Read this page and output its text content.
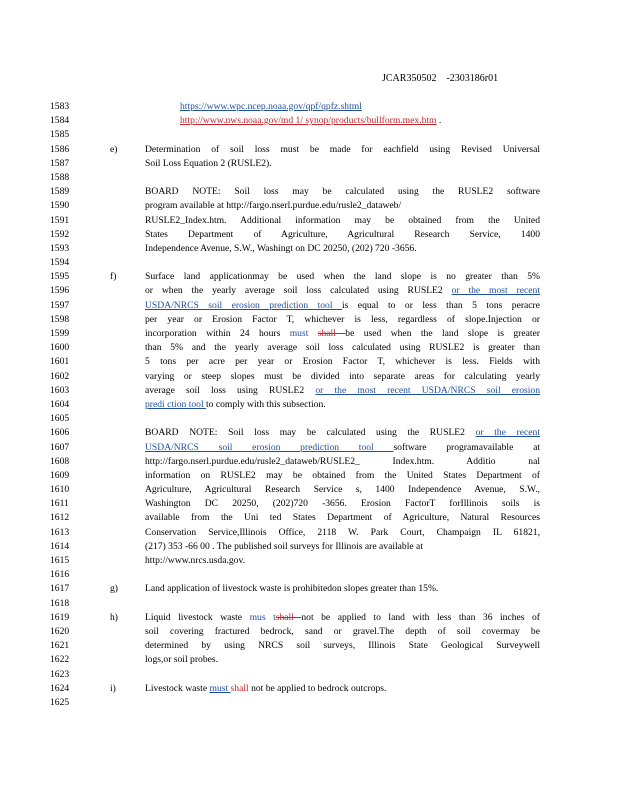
JCAR350502 -2303186r01
1583	https://www.wpc.ncep.noaa.gov/qpf/qpfz.shtml
1584	http://www.nws.noaa.gov/md 1/ synop/products/bullform.mex.htm .
1585
1586	e)	Determination of soil loss must be made for eachfield using Revised Universal
1587	Soil Loss Equation 2 (RUSLE2).
1588
1589	BOARD NOTE: Soil loss may be calculated using the RUSLE2 software
1590	program available at http://fargo.nserl.purdue.edu/rusle2_dataweb/
1591	RUSLE2_Index.htm. Additional information may be obtained from the United
1592	States Department of Agriculture, Agricultural Research Service, 1400
1593	Independence Avenue, S.W., Washingt on DC 20250, (202) 720 -3656.
1594
1595	f)	Surface land applicationmay be used when the land slope is no greater than 5%
1596	or when the yearly average soil loss calculated using RUSLE2 or the most recent
1597	USDA/NRCS soil erosion prediction tool is equal to or less than 5 tons peracre
1598	per year or Erosion Factor T, whichever is less, regardless of slope.Injection or
1599	incorporation within 24 hours must shall be used when the land slope is greater
1600	than 5% and the yearly average soil loss calculated using RUSLE2 is greater than
1601	5 tons per acre per year or Erosion Factor T, whichever is less. Fields with
1602	varying or steep slopes must be divided into separate areas for calculating yearly
1603	average soil loss using RUSLE2 or the most recent USDA/NRCS soil erosion
1604	predi ction tool to comply with this subsection.
1605
1606	BOARD NOTE: Soil loss may be calculated using the RUSLE2 or the recent
1607	USDA/NRCS soil erosion prediction tool software programavailable at
1608	http://fargo.nserl.purdue.edu/rusle2_dataweb/RUSLE2_ Index.htm. Additio nal
1609	information on RUSLE2 may be obtained from the United States Department of
1610	Agriculture, Agricultural Research Service s, 1400 Independence Avenue, S.W.,
1611	Washington DC 20250, (202)720 -3656. Erosion FactorT forIllinois soils is
1612	available from the Uni ted States Department of Agriculture, Natural Resources
1613	Conservation Service,Illinois Office, 2118 W. Park Court, Champaign IL 61821,
1614	(217) 353 -66 00 . The published soil surveys for Illinois are available at
1615	http://www.nrcs.usda.gov.
1616
1617	g)	Land application of livestock waste is prohibitedon slopes greater than 15%.
1618
1619	h)	Liquid livestock waste mus tshall not be applied to land with less than 36 inches of
1620	soil covering fractured bedrock, sand or gravel.The depth of soil covermay be
1621	determined by using NRCS soil surveys, Illinois State Geological Surveywell
1622	logs,or soil probes.
1623
1624	i)	Livestock waste must shall not be applied to bedrock outcrops.
1625
